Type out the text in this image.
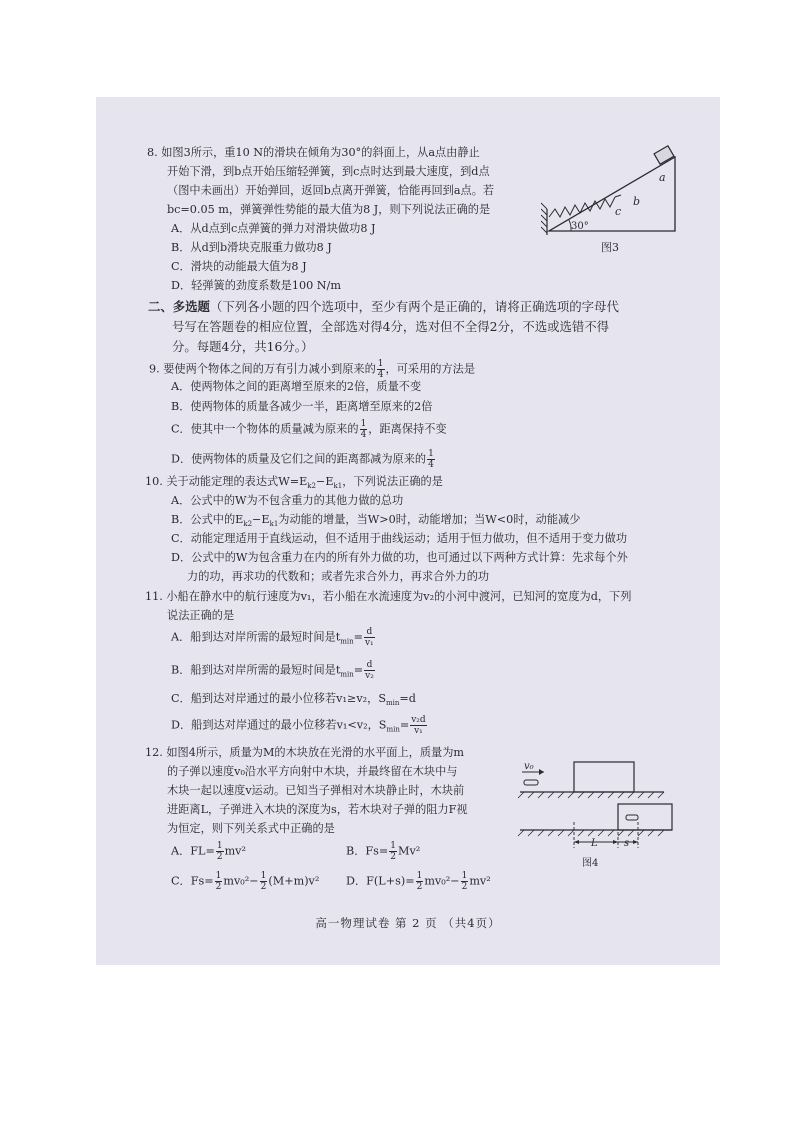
8. 如图3所示，重10 N的滑块在倾角为30°的斜面上，从a点由静止
开始下滑，到b点开始压缩轻弹簧，到c点时达到最大速度，到d点
（图中未画出）开始弹回，返回b点离开弹簧，恰能再回到a点。若
bc=0.05 m，弹簧弹性势能的最大值为8 J，则下列说法正确的是
A．从d点到c点弹簧的弹力对滑块做功8 J
B．从d到b滑块克服重力做功8 J
C．滑块的动能最大值为8 J
D．轻弹簧的劲度系数是100 N/m
30°
a
b
c
图3
二、多选题（下列各小题的四个选项中，至少有两个是正确的，请将正确选项的字母代
号写在答题卷的相应位置，全部选对得4分，选对但不全得2分，不选或选错不得
分。每题4分，共16分。）
9. 要使两个物体之间的万有引力减小到原来的 $\frac{1}{4}$ ，可采用的方法是
A．使两物体之间的距离增至原来的2倍，质量不变
B．使两物体的质量各减少一半，距离增至原来的2倍
C．使其中一个物体的质量减为原来的 $\frac{1}{4}$ ，距离保持不变
D．使两物体的质量及它们之间的距离都减为原来的 $\frac{1}{4}$
10. 关于动能定理的表达式$W=E_{k2}-E_{k1}$，下列说法正确的是
A．公式中的W为不包含重力的其他力做的总功
B．公式中的$E_{k2}-E_{k1}$为动能的增量，当W>0时，动能增加；当W<0时，动能减少
C．动能定理适用于直线运动，但不适用于曲线运动；适用于恒力做功，但不适用于变力做功
D．公式中的W为包含重力在内的所有外力做的功，也可通过以下两种方式计算：先求每个外
力的功，再求功的代数和；或者先求合外力，再求合外力的功
11. 小船在静水中的航行速度为v₁，若小船在水流速度为v₂的小河中渡河，已知河的宽度为d，下列
说法正确的是
A．船到达对岸所需的最短时间是$t_{min}= \frac{d}{\text{v₁}}$
B．船到达对岸所需的最短时间是$t_{min}= \frac{d}{\text{v₂}}$
C．船到达对岸通过的最小位移若v₁≥v₂，$S_{min}=d$
D．船到达对岸通过的最小位移若v₁<v₂，$S_{min}= \frac{\text{v₂d}}{\text{v₁}}$
12. 如图4所示，质量为M的木块放在光滑的水平面上，质量为m
的子弹以速度v₀沿水平方向射中木块，并最终留在木块中与
木块一起以速度v运动。已知当子弹相对木块静止时，木块前
进距离L，子弹进入木块的深度为s，若木块对子弹的阻力F视
为恒定，则下列关系式中正确的是
A．$FL= \frac{1}{2} mv^2$	B．$Fs= \frac{1}{2} Mv^2$
C．$Fs= \frac{1}{2} mv_0^2- \frac{1}{2} (M+m)v^2$ D．$F(L+s)= \frac{1}{2} mv_0^2- \frac{1}{2} mv^2$
v₀
L	s
图4
高一物理试卷 第 2 页 （共4页）
